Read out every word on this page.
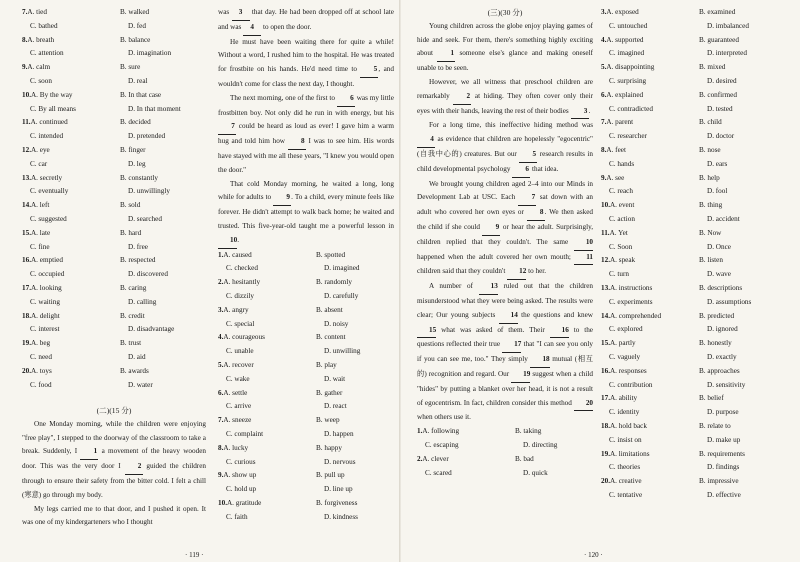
7.A. tied	B. walked
C. bathed	D. fed
8.A. breath	B. balance
C. attention	D. imagination
9.A. calm	B. sure
C. soon	D. real
10.A. By the way	B. In that case
C. By all means	D. In that moment
11.A. continued	B. decided
C. intended	D. pretended
12.A. eye	B. finger
C. car	D. leg
13.A. secretly	B. constantly
C. eventually	D. unwillingly
14.A. left	B. sold
C. suggested	D. searched
15.A. late	B. hard
C. fine	D. free
16.A. emptied	B. respected
C. occupied	D. discovered
17.A. looking	B. caring
C. waiting	D. calling
18.A. delight	B. credit
C. interest	D. disadvantage
19.A. beg	B. trust
C. need	D. aid
20.A. toys	B. awards
C. food	D. water
(二)(15 分)

One Monday morning, while the children were enjoying "free play", I stepped to the doorway of the classroom to take a break. Suddenly, I 1 a movement of the heavy wooden door. This was the very door I 2 guided the children through to ensure their safety from the bitter cold. I felt a chill (寒意) go through my body.

My legs carried me to that door, and I pushed it open. It was one of my kindergarteners who I thought

was 3 that day. He had been dropped off at school late and was 4 to open the door.

He must have been waiting there for quite a while! Without a word, I rushed him to the hospital. He was treated for frostbite on his hands. He'd need time to 5, and wouldn't come for class the next day, I thought.

The next morning, one of the first to 6 was my little frostbitten boy. Not only did he run in with energy, but his 7 could be heard as loud as ever! I gave him a warm hug and told him how 8 I was to see him. His words have stayed with me all these years, "I knew you would open the door."

That cold Monday morning, he waited a long, long while for adults to 9. To a child, every minute feels like forever. He didn't attempt to walk back home; he waited and trusted. This five-year-old taught me a powerful lesson in 10.

1.A. caused	B. spotted
C. checked	D. imagined
2.A. hesitantly	B. randomly
C. dizzily	D. carefully
3.A. angry	B. absent
C. special	D. noisy
4.A. courageous	B. content
C. unable	D. unwilling
5.A. recover	B. play
C. wake	D. wait
6.A. settle	B. gather
C. arrive	D. react
7.A. sneeze	B. weep
C. complaint	D. happen
8.A. lucky	B. happy
C. curious	D. nervous
9.A. show up	B. pull up
C. hold up	D. line up
10.A. gratitude	B. forgiveness
C. faith	D. kindness
· 119 ·
(三)(30 分)

Young children across the globe enjoy playing games of hide and seek. For them, there's something highly exciting about 1 someone else's glance and making oneself unable to be seen.

However, we all witness that preschool children are remarkably 2 at hiding. They often cover only their eyes with their hands, leaving the rest of their bodies 3.

For a long time, this ineffective hiding method was 4 as evidence that children are hopelessly "egocentric" (自我中心的) creatures. But our 5 research results in child developmental psychology 6 that idea.

We brought young children aged 2–4 into our Minds in Development Lab at USC. Each 7 sat down with an adult who covered her own eyes or 8. We then asked the child if she could 9 or hear the adult. Surprisingly, children replied that they couldn't. The same 10 happened when the adult covered her own mouth; 11 children said that they couldn't 12 to her.

A number of 13 ruled out that the children misunderstood what they were being asked. The results were clear; Our young subjects 14 the questions and knew 15 what was asked of them. Their 16 to the questions reflected their true 17 that "I can see you only if you can see me, too." They simply 18 mutual (相互的) recognition and regard. Our 19 suggest when a child "hides" by putting a blanket over her head, it is not a result of egocentrism. In fact, children consider this method 20 when others use it.

1.A. following	B. taking
C. escaping	D. directing
2.A. clever	B. bad
C. scared	D. quick
3.A. exposed	B. examined
C. untouched	D. imbalanced
4.A. supported	B. guaranteed
C. imagined	D. interpreted
5.A. disappointing	B. mixed
C. surprising	D. desired
6.A. explained	B. confirmed
C. contradicted	D. tested
7.A. parent	B. child
C. researcher	D. doctor
8.A. feet	B. nose
C. hands	D. ears
9.A. see	B. help
C. reach	D. fool
10.A. event	B. thing
C. action	D. accident
11.A. Yet	B. Now
C. Soon	D. Once
12.A. speak	B. listen
C. turn	D. wave
13.A. instructions	B. descriptions
C. experiments	D. assumptions
14.A. comprehended	B. predicted
C. explored	D. ignored
15.A. partly	B. honestly
C. vaguely	D. exactly
16.A. responses	B. approaches
C. contribution	D. sensitivity
17.A. ability	B. belief
C. identity	D. purpose
18.A. hold back	B. relate to
C. insist on	D. make up
19.A. limitations	B. requirements
C. theories	D. findings
20.A. creative	B. impressive
C. tentative	D. effective
· 120 ·
